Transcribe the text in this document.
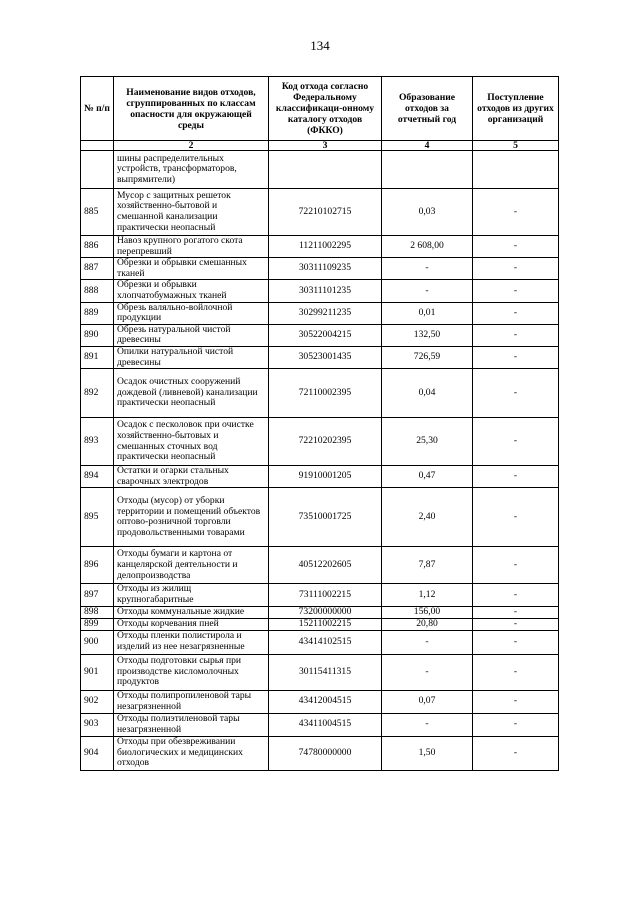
134
№ п/п	Наименование видов отходов, сгруппированных по классам опасности для окружающей среды	Код отхода согласно Федеральному классификаци-онному каталогу отходов (ФККО)	Образование отходов за отчетный год	Поступление отходов из других организаций
	2	3	4	5
	шины распределительных устройств, трансформаторов, выпрямители)			
885	Мусор с защитных решеток хозяйственно-бытовой и смешанной канализации практически неопасный	72210102715	0,03	-
886	Навоз крупного рогатого скота перепревший	11211002295	2 608,00	-
887	Обрезки и обрывки смешанных тканей	30311109235	-	-
888	Обрезки и обрывки хлопчатобумажных тканей	30311101235	-	-
889	Обрезь валяльно-войлочной продукции	30299211235	0,01	-
890	Обрезь натуральной чистой древесины	30522004215	132,50	-
891	Опилки натуральной чистой древесины	30523001435	726,59	-
892	Осадок очистных сооружений дождевой (ливневой) канализации практически неопасный	72110002395	0,04	-
893	Осадок с песколовок при очистке хозяйственно-бытовых и смешанных сточных вод практически неопасный	72210202395	25,30	-
894	Остатки и огарки стальных сварочных электродов	91910001205	0,47	-
895	Отходы (мусор) от уборки территории и помещений объектов оптово-розничной торговли продовольственными товарами	73510001725	2,40	-
896	Отходы бумаги и картона от канцелярской деятельности и делопроизводства	40512202605	7,87	-
897	Отходы из жилищ крупногабаритные	73111002215	1,12	-
898	Отходы коммунальные жидкие	73200000000	156,00	-
899	Отходы корчевания пней	15211002215	20,80	-
900	Отходы пленки полистирола и изделий из нее незагрязненные	43414102515	-	-
901	Отходы подготовки сырья при производстве кисломолочных продуктов	30115411315	-	-
902	Отходы полипропиленовой тары незагрязненной	43412004515	0,07	-
903	Отходы полиэтиленовой тары незагрязненной	43411004515	-	-
904	Отходы при обезвреживании биологических и медицинских отходов	74780000000	1,50	-
